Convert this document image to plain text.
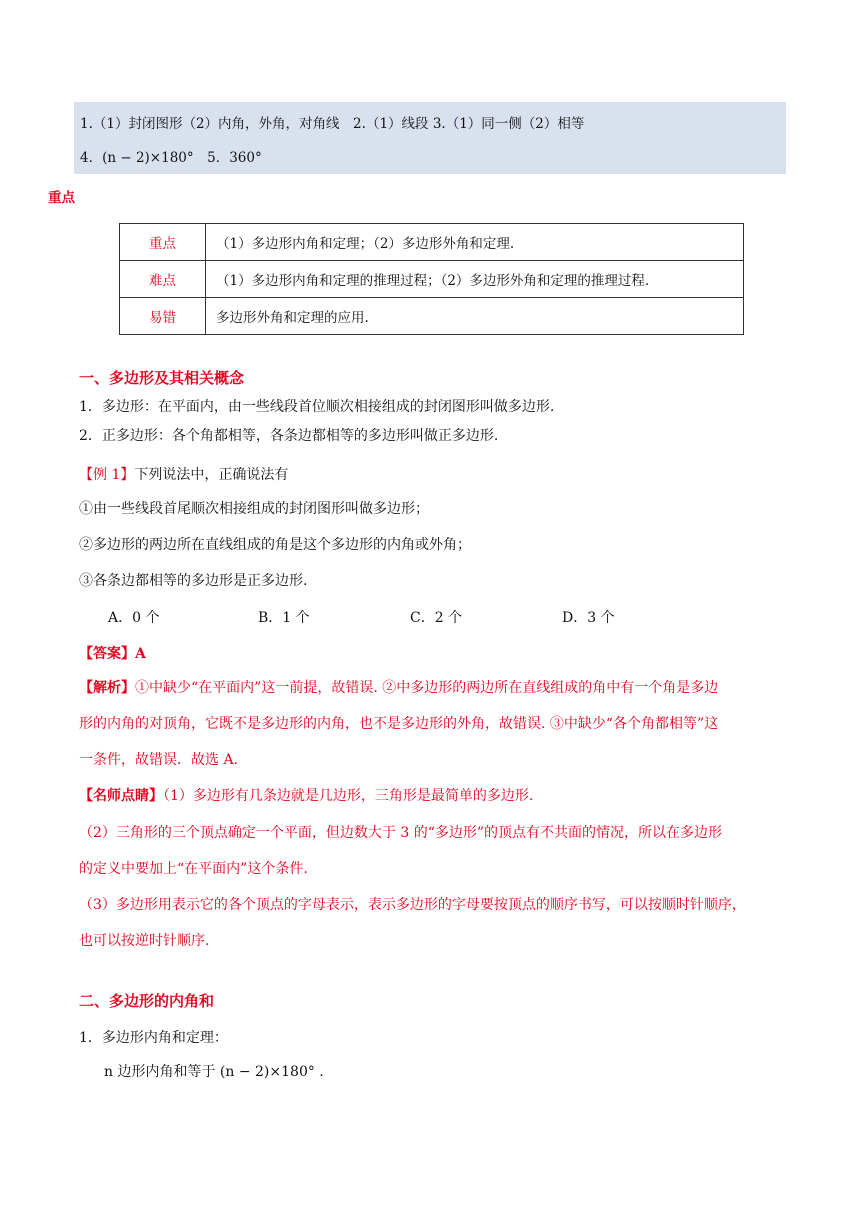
1.（1）封闭图形（2）内角，外角，对角线　2.（1）线段 3.（1）同一侧（2）相等
4．(n − 2)×180°　5．360°
重点
重点	（1）多边形内角和定理；（2）多边形外角和定理.
难点	（1）多边形内角和定理的推理过程；（2）多边形外角和定理的推理过程.
易错	多边形外角和定理的应用.
一、多边形及其相关概念
1．多边形：在平面内，由一些线段首位顺次相接组成的封闭图形叫做多边形.
2．正多边形：各个角都相等，各条边都相等的多边形叫做正多边形.
【例 1】下列说法中，正确说法有
①由一些线段首尾顺次相接组成的封闭图形叫做多边形；
②多边形的两边所在直线组成的角是这个多边形的内角或外角；
③各条边都相等的多边形是正多边形.
A．0 个	B．1 个	C．2 个	D．3 个
【答案】A
【解析】①中缺少“在平面内”这一前提，故错误. ②中多边形的两边所在直线组成的角中有一个角是多边
形的内角的对顶角，它既不是多边形的内角，也不是多边形的外角，故错误. ③中缺少“各个角都相等”这
一条件，故错误．故选 A.
【名师点睛】（1）多边形有几条边就是几边形，三角形是最简单的多边形.
（2）三角形的三个顶点确定一个平面，但边数大于 3 的“多边形”的顶点有不共面的情况，所以在多边形
的定义中要加上“在平面内”这个条件.
（3）多边形用表示它的各个顶点的字母表示，表示多边形的字母要按顶点的顺序书写，可以按顺时针顺序，
也可以按逆时针顺序.
二、多边形的内角和
1．多边形内角和定理：
n 边形内角和等于 (n − 2)×180° .
